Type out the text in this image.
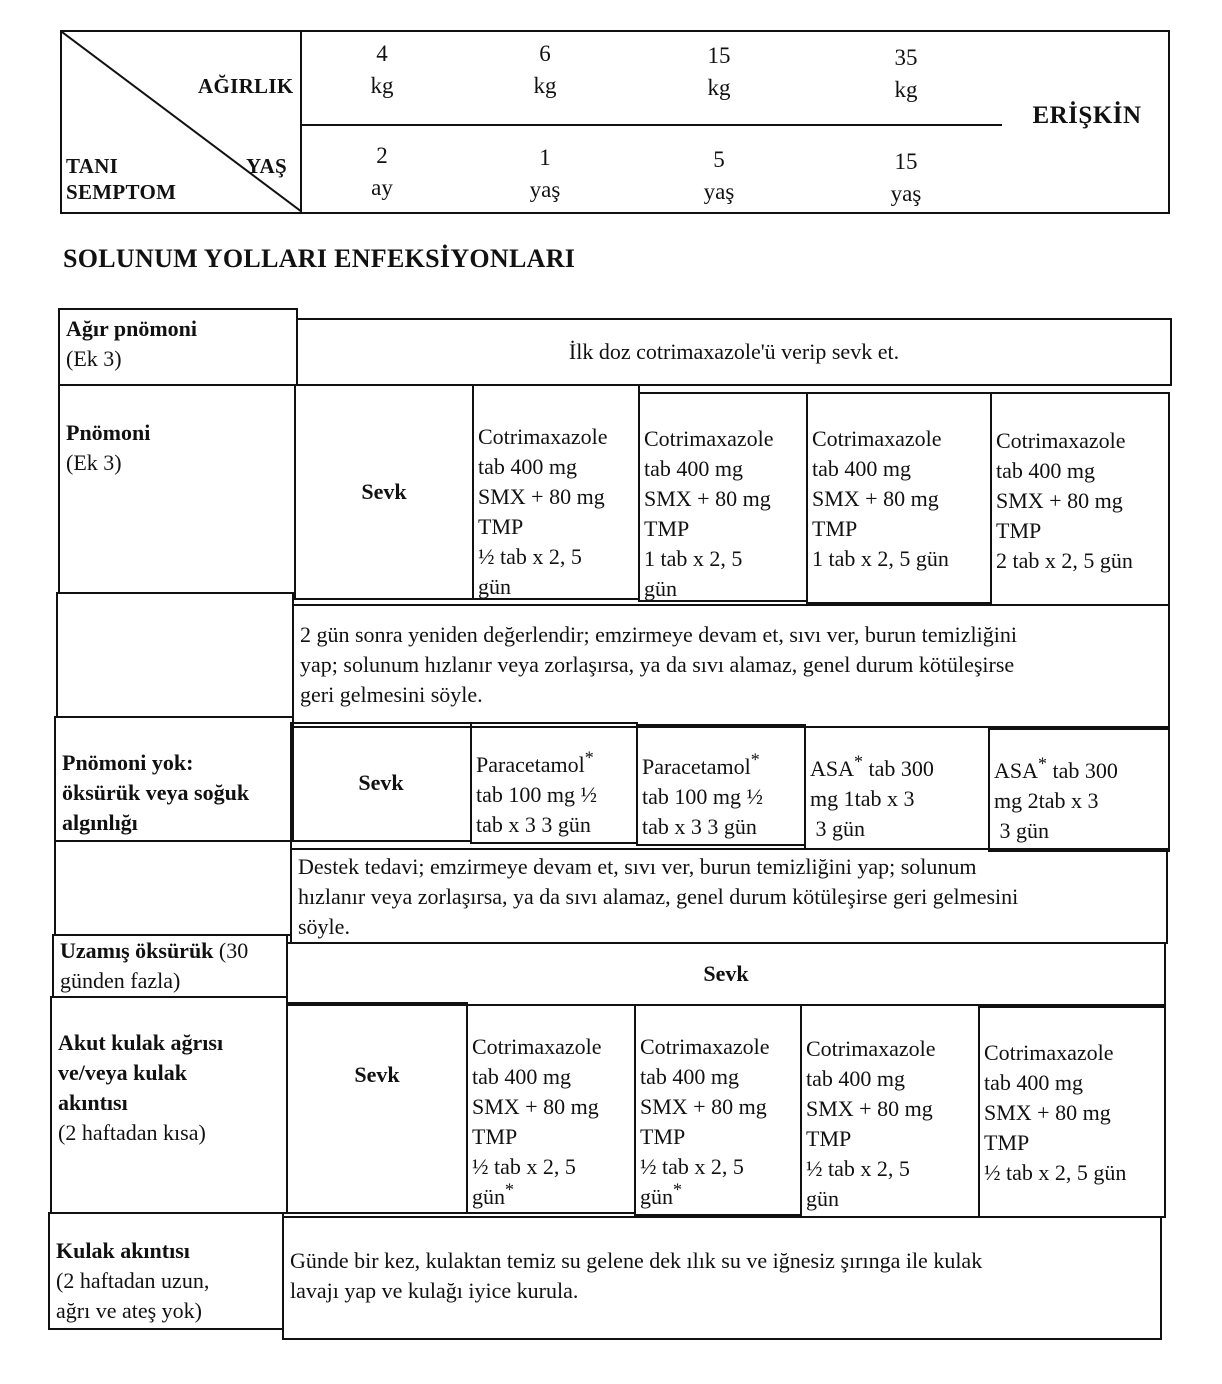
AĞIRLIK
YAŞ
TANI
SEMPTOM
4
kg
6
kg
15
kg
35
kg
2
ay
1
yaş
5
yaş
15
yaş
ERİŞKİN
SOLUNUM YOLLARI ENFEKSİYONLARI
Ağır pnömoni
(Ek 3)	İlk doz cotrimaxazole'ü verip sevk et.
Pnömoni
(Ek 3)
Sevk
Cotrimaxazole
tab 400 mg
SMX + 80 mg
TMP
½ tab x 2, 5
gün
Cotrimaxazole
tab 400 mg
SMX + 80 mg
TMP
1 tab x 2, 5
gün
Cotrimaxazole
tab 400 mg
SMX + 80 mg
TMP
1 tab x 2, 5 gün
Cotrimaxazole
tab 400 mg
SMX + 80 mg
TMP
2 tab x 2, 5 gün
2 gün sonra yeniden değerlendir; emzirmeye devam et, sıvı ver, burun temizliğini
yap; solunum hızlanır veya zorlaşırsa, ya da sıvı alamaz, genel durum kötüleşirse
geri gelmesini söyle.
Pnömoni yok:
öksürük veya soğuk
algınlığı
Sevk
Paracetamol*
tab 100 mg ½
tab x 3 3 gün
Paracetamol*
tab 100 mg ½
tab x 3 3 gün
ASA* tab 300
mg 1tab x 3
3 gün
ASA* tab 300
mg 2tab x 3
3 gün
Destek tedavi; emzirmeye devam et, sıvı ver, burun temizliğini yap; solunum
hızlanır veya zorlaşırsa, ya da sıvı alamaz, genel durum kötüleşirse geri gelmesini
söyle.
Uzamış öksürük (30
günden fazla)	Sevk
Akut kulak ağrısı
ve/veya kulak
akıntısı
(2 haftadan kısa)
Sevk
Cotrimaxazole
tab 400 mg
SMX + 80 mg
TMP
½ tab x 2, 5
gün*
Cotrimaxazole
tab 400 mg
SMX + 80 mg
TMP
½ tab x 2, 5
gün*
Cotrimaxazole
tab 400 mg
SMX + 80 mg
TMP
½ tab x 2, 5
gün
Cotrimaxazole
tab 400 mg
SMX + 80 mg
TMP
½ tab x 2, 5 gün
Kulak akıntısı
(2 haftadan uzun,
ağrı ve ateş yok)
Günde bir kez, kulaktan temiz su gelene dek ılık su ve iğnesiz şırınga ile kulak
lavajı yap ve kulağı iyice kurula.
